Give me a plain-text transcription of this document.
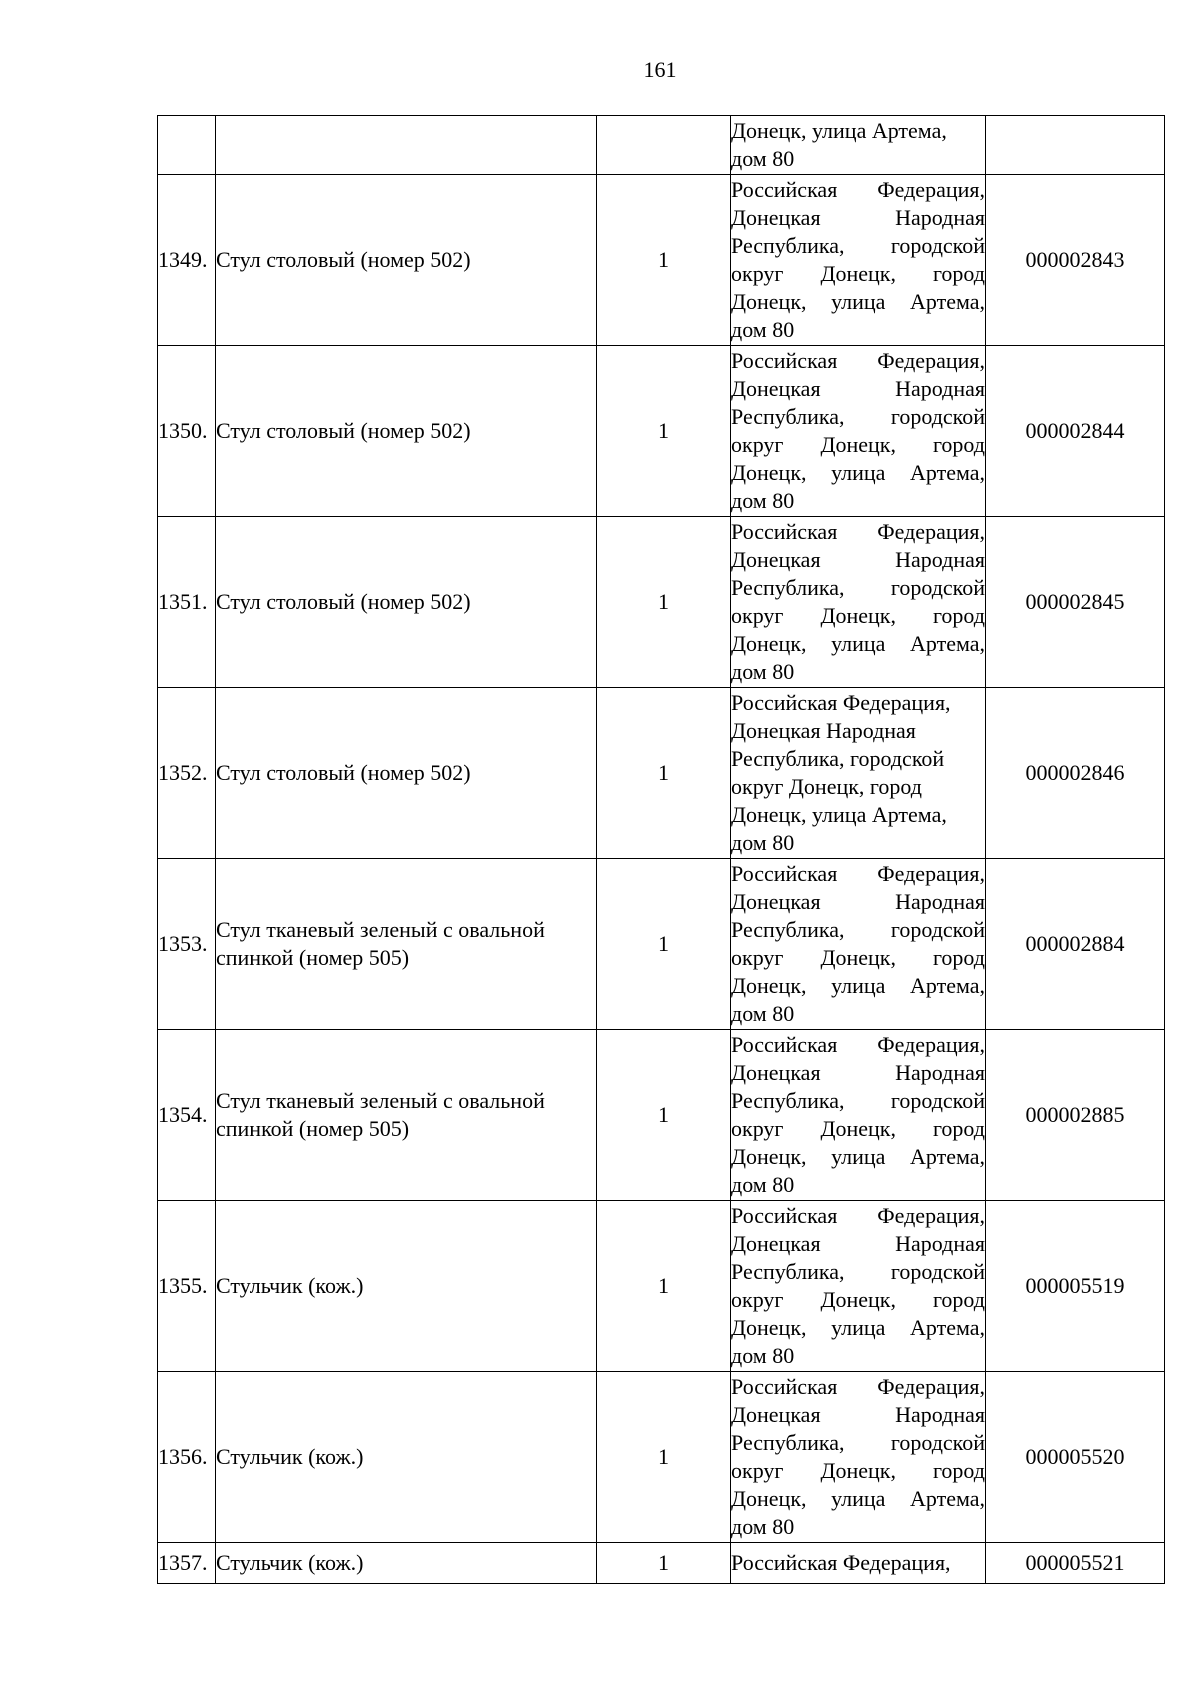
161

			Донецк, улица Артема, дом 80	

1349.	Стул столовый (номер 502)	1	Российская Федерация, Донецкая Народная Республика, городской округ Донецк, город Донецк, улица Артема, дом 80	000002843
1350.	Стул столовый (номер 502)	1	Российская Федерация, Донецкая Народная Республика, городской округ Донецк, город Донецк, улица Артема, дом 80	000002844
1351.	Стул столовый (номер 502)	1	Российская Федерация, Донецкая Народная Республика, городской округ Донецк, город Донецк, улица Артема, дом 80	000002845
1352.	Стул столовый (номер 502)	1	Российская Федерация, Донецкая Народная Республика, городской округ Донецк, город Донецк, улица Артема, дом 80	000002846
1353.	Стул тканевый зеленый с овальной спинкой (номер 505)	1	Российская Федерация, Донецкая Народная Республика, городской округ Донецк, город Донецк, улица Артема, дом 80	000002884
1354.	Стул тканевый зеленый с овальной спинкой (номер 505)	1	Российская Федерация, Донецкая Народная Республика, городской округ Донецк, город Донецк, улица Артема, дом 80	000002885
1355.	Стульчик (кож.)	1	Российская Федерация, Донецкая Народная Республика, городской округ Донецк, город Донецк, улица Артема, дом 80	000005519
1356.	Стульчик (кож.)	1	Российская Федерация, Донецкая Народная Республика, городской округ Донецк, город Донецк, улица Артема, дом 80	000005520
1357.	Стульчик (кож.)	1	Российская Федерация,	000005521
